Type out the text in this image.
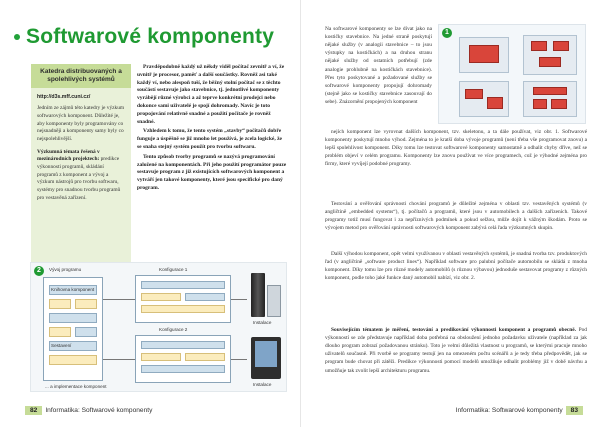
Softwarové komponenty
Katedra distribuovaných a spolehlivých systémů
http://d3s.mff.cuni.cz/
Jedním ze zájmů této katedry je výzkum softwarových komponent. Důležité je, aby komponenty byly programovány co nejsnadněji a komponenty samy byly co nejspolehlivější.
Výzkumná témata řešená v mezinárodních projektech: predikce výkonnosti programů, skládání programů z komponent a vývoj a výzkum nástrojů pro tvorbu softwaru, systémy pro snadnou tvorbu programů pro vestavěná zařízení.

Pravděpodobně každý už někdy viděl počítač zevnitř a ví, že uvnitř je procesor, paměť a další součástky. Rovněž asi také každý ví, nebo alespoň tuší, že běžný stolní počítač se z těchto součástí sestavuje jako stavebnice, tj. jednotlivé komponenty vyrábějí různé výrobci a až teprve konkrétní prodejci nebo dokonce sami uživatelé je spojí dohromady. Navíc je toto propojování relativně snadné a použití počítače je rovněž snadné.

Vzhledem k tomu, že tento systém „stavby“ počítačů dobře funguje a úspěšně se již mnoho let používá, je zcela logické, že se snaha stejný systém použít pro tvorbu softwaru.

Tento způsob tvorby programů se nazývá programování založené na komponentách. Při jeho použití programátor pouze sestavuje program z již existujících softwarových komponent a vytváří jen takové komponenty, které jsou specifické pro daný program.

2	Vývoj programu	Konfigurace 1
Konfigurace 2
Instalace
Instalace
... a implementace komponent
Knihovna komponent
Sestavení
Na softwarové komponenty se lze dívat jako na kostičky stavebnice. Na jedné straně poskytují nějaké služby (v analogii stavebnice – to jsou výstupky na kostičkách) a na druhou stranu nějaké služby od ostatních potřebují (zde analogie prohlubně na kostičkách stavebnice). Přes tyto poskytované a požadované služby se softwarové komponenty propojují dohromady (stejně jako se kostičky stavebnice zasouvají do sebe). Znázornění propojených komponent
1

nejích komponent lze vyrovnat dalších komponent, tzv. skeletonu, a ta dále používat, viz obr. 1. Softwarové komponenty poskytují mnoho výhod. Zejména to je kratší doba vývoje programů (není třeba vše programovat znovu) a lepší spolehlivost komponent. Díky tomu lze testovat softwarové komponenty samostatně a odhalit chyby dříve, než se problém objeví v celém programu. Komponenty lze znovu používat ve více programech, což je výhodné zejména pro firmy, které vyvíjejí podobné programy.

Testování a ověřování správnosti chování programů je důležité zejména v oblasti tzv. vestavěných systémů (v angličtině „embedded systems“), tj. počítačů a programů, které jsou v automobilech a dalších zařízeních. Takové programy totiž musí fungovat i za nepříznivých podmínek a pokud selžou, může dojít k vážným škodám. Proto se vývojem metod pro ověřování správnosti softwarových komponent zabývá celá řada výzkumných skupin.

Další výhodou komponent, opět velmi využívanou v oblasti vestavěných systémů, je snadná tvorba tzv. produktových řad (v angličtině „software product lines“). Například software pro palubní počítače automobilu se skládá z mnoha komponent. Díky tomu lze pro různé modely automobilů (s různou výbavou) jednoduše sestavovat programy z různých komponent, podle toho jaké funkce daný automobil nabízí, viz obr. 2.

Souvisejícím tématem je měření, testování a predikování výkonnosti komponent a programů obecně. Pod výkonností se zde představuje například doba potřebná na obsloužení jednoho požadavku uživatele (například za jak dlouho program zobrazí požadovanou stránku). Toto je velmi důležitá vlastnost u programů, se kterými pracuje mnoho uživatelů současně. Při tvorbě se programy testují jen na omezeném počtu scénářů a je tedy třeba předpovědět, jak se program bude chovat při zátěži. Predikce výkonnosti pomocí modelů umožňuje odhalit problémy již v době návrhu a umožňuje tak zvolit lepší architekturu programu.

82	Informatika: Softwarové komponenty	Informatika: Softwarové komponenty	83
